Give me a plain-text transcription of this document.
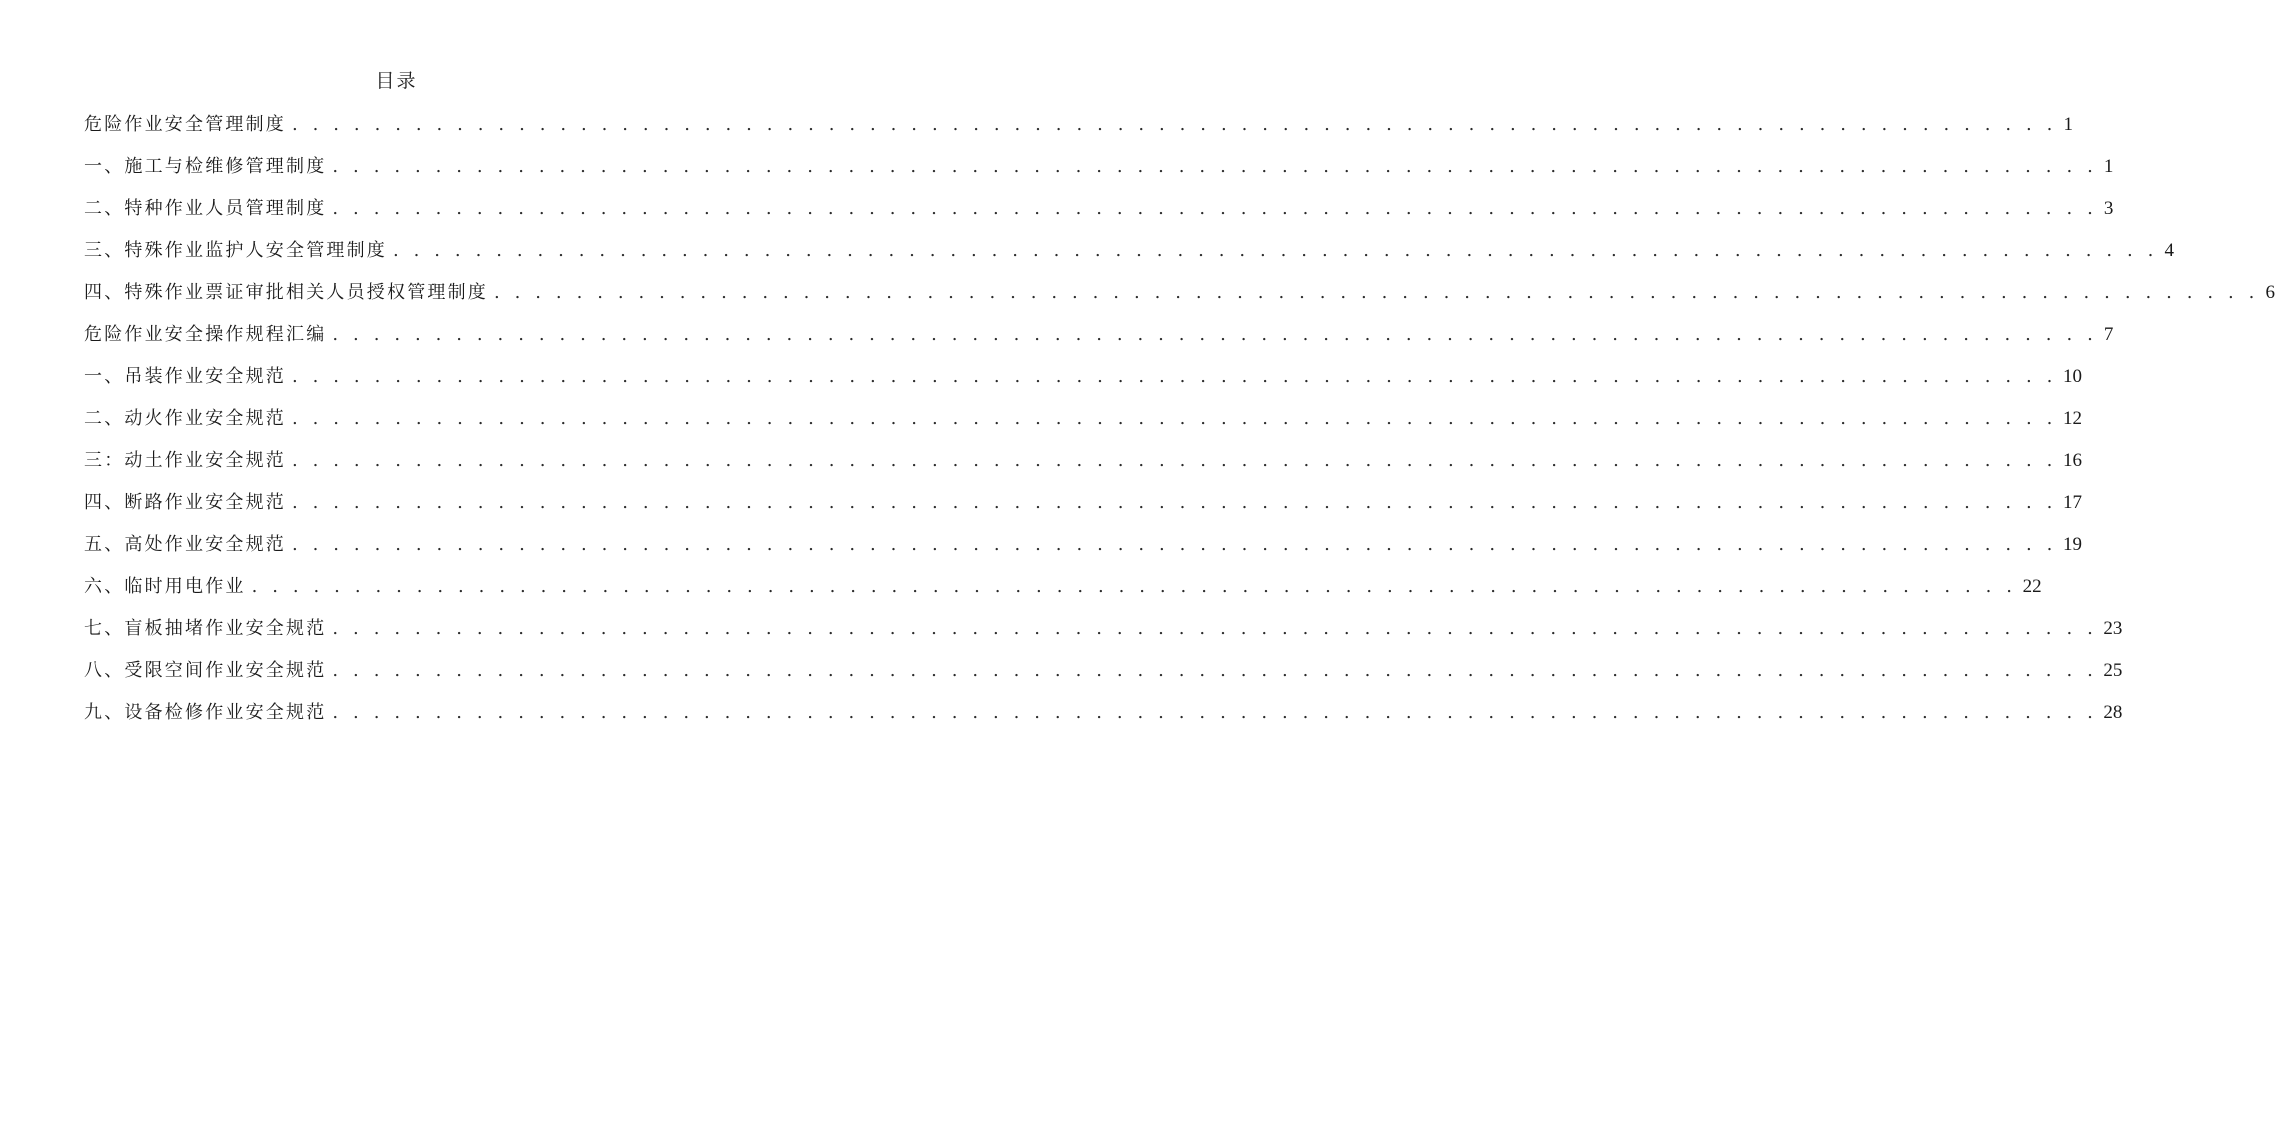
目录
危险作业安全管理制度 . . . . . . . . . . . . . . . . . . . . . . . . . . . . . . . . . . . . . . . . . . . . . . . . . . . . . . . . . . . . . . . . . . . . . . . . . . . . . . . . . . . . . . 1
一、施工与检维修管理制度 . . . . . . . . . . . . . . . . . . . . . . . . . . . . . . . . . . . . . . . . . . . . . . . . . . . . . . . . . . . . . . . . . . . . . . . . . . . . . . . . . . . . . . 1
二、特种作业人员管理制度 . . . . . . . . . . . . . . . . . . . . . . . . . . . . . . . . . . . . . . . . . . . . . . . . . . . . . . . . . . . . . . . . . . . . . . . . . . . . . . . . . . . . . . 3
三、特殊作业监护人安全管理制度 . . . . . . . . . . . . . . . . . . . . . . . . . . . . . . . . . . . . . . . . . . . . . . . . . . . . . . . . . . . . . . . . . . . . . . . . . . . . . . . . . . . . . . 4
四、特殊作业票证审批相关人员授权管理制度 . . . . . . . . . . . . . . . . . . . . . . . . . . . . . . . . . . . . . . . . . . . . . . . . . . . . . . . . . . . . . . . . . . . . . . . . . . . . . . . . . . . . . . 6
危险作业安全操作规程汇编 . . . . . . . . . . . . . . . . . . . . . . . . . . . . . . . . . . . . . . . . . . . . . . . . . . . . . . . . . . . . . . . . . . . . . . . . . . . . . . . . . . . . . . 7
一、吊装作业安全规范 . . . . . . . . . . . . . . . . . . . . . . . . . . . . . . . . . . . . . . . . . . . . . . . . . . . . . . . . . . . . . . . . . . . . . . . . . . . . . . . . . . . . . . 10
二、动火作业安全规范 . . . . . . . . . . . . . . . . . . . . . . . . . . . . . . . . . . . . . . . . . . . . . . . . . . . . . . . . . . . . . . . . . . . . . . . . . . . . . . . . . . . . . . 12
三：动土作业安全规范 . . . . . . . . . . . . . . . . . . . . . . . . . . . . . . . . . . . . . . . . . . . . . . . . . . . . . . . . . . . . . . . . . . . . . . . . . . . . . . . . . . . . . . 16
四、断路作业安全规范 . . . . . . . . . . . . . . . . . . . . . . . . . . . . . . . . . . . . . . . . . . . . . . . . . . . . . . . . . . . . . . . . . . . . . . . . . . . . . . . . . . . . . . 17
五、高处作业安全规范 . . . . . . . . . . . . . . . . . . . . . . . . . . . . . . . . . . . . . . . . . . . . . . . . . . . . . . . . . . . . . . . . . . . . . . . . . . . . . . . . . . . . . . 19
六、临时用电作业 . . . . . . . . . . . . . . . . . . . . . . . . . . . . . . . . . . . . . . . . . . . . . . . . . . . . . . . . . . . . . . . . . . . . . . . . . . . . . . . . . . . . . . 22
七、盲板抽堵作业安全规范 . . . . . . . . . . . . . . . . . . . . . . . . . . . . . . . . . . . . . . . . . . . . . . . . . . . . . . . . . . . . . . . . . . . . . . . . . . . . . . . . . . . . . . 23
八、受限空间作业安全规范 . . . . . . . . . . . . . . . . . . . . . . . . . . . . . . . . . . . . . . . . . . . . . . . . . . . . . . . . . . . . . . . . . . . . . . . . . . . . . . . . . . . . . . 25
九、设备检修作业安全规范 . . . . . . . . . . . . . . . . . . . . . . . . . . . . . . . . . . . . . . . . . . . . . . . . . . . . . . . . . . . . . . . . . . . . . . . . . . . . . . . . . . . . . . 28
